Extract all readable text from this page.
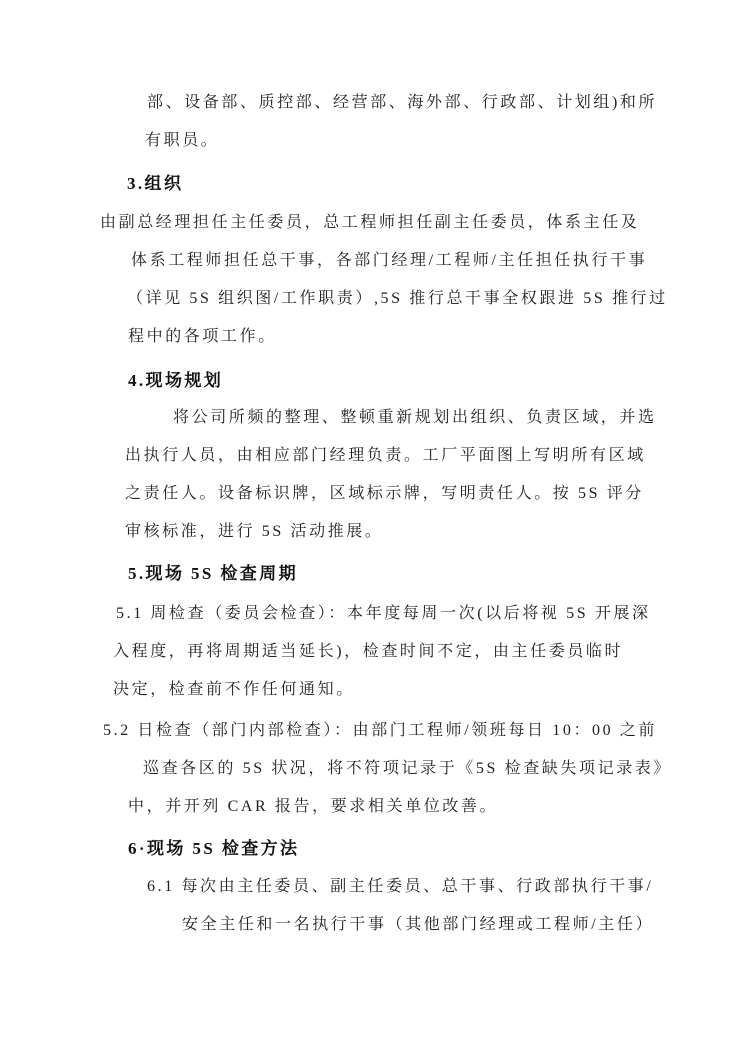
部、设备部、质控部、经营部、海外部、行政部、计划组)和所
有职员。
3.组织
由副总经理担任主任委员，总工程师担任副主任委员，体系主任及
体系工程师担任总干事，各部门经理/工程师/主任担任执行干事
（详见 5S 组织图/工作职责）,5S 推行总干事全权跟进 5S 推行过
程中的各项工作。
4.现场规划
将公司所频的整理、整顿重新规划出组织、负责区域，并选
出执行人员，由相应部门经理负责。工厂平面图上写明所有区域
之责任人。设备标识牌，区域标示牌，写明责任人。按 5S 评分
审核标准，进行 5S 活动推展。
5.现场 5S 检查周期
5.1 周检查（委员会检查）：本年度每周一次(以后将视 5S 开展深
入程度，再将周期适当延长)，检查时间不定，由主任委员临时
决定，检查前不作任何通知。
5.2 日检查（部门内部检查）：由部门工程师/领班每日 10：00 之前
巡查各区的 5S 状况，将不符项记录于《5S 检查缺失项记录表》
中，并开列 CAR 报告，要求相关单位改善。
6·现场 5S 检查方法
6.1 每次由主任委员、副主任委员、总干事、行政部执行干事/
安全主任和一名执行干事（其他部门经理或工程师/主任）
